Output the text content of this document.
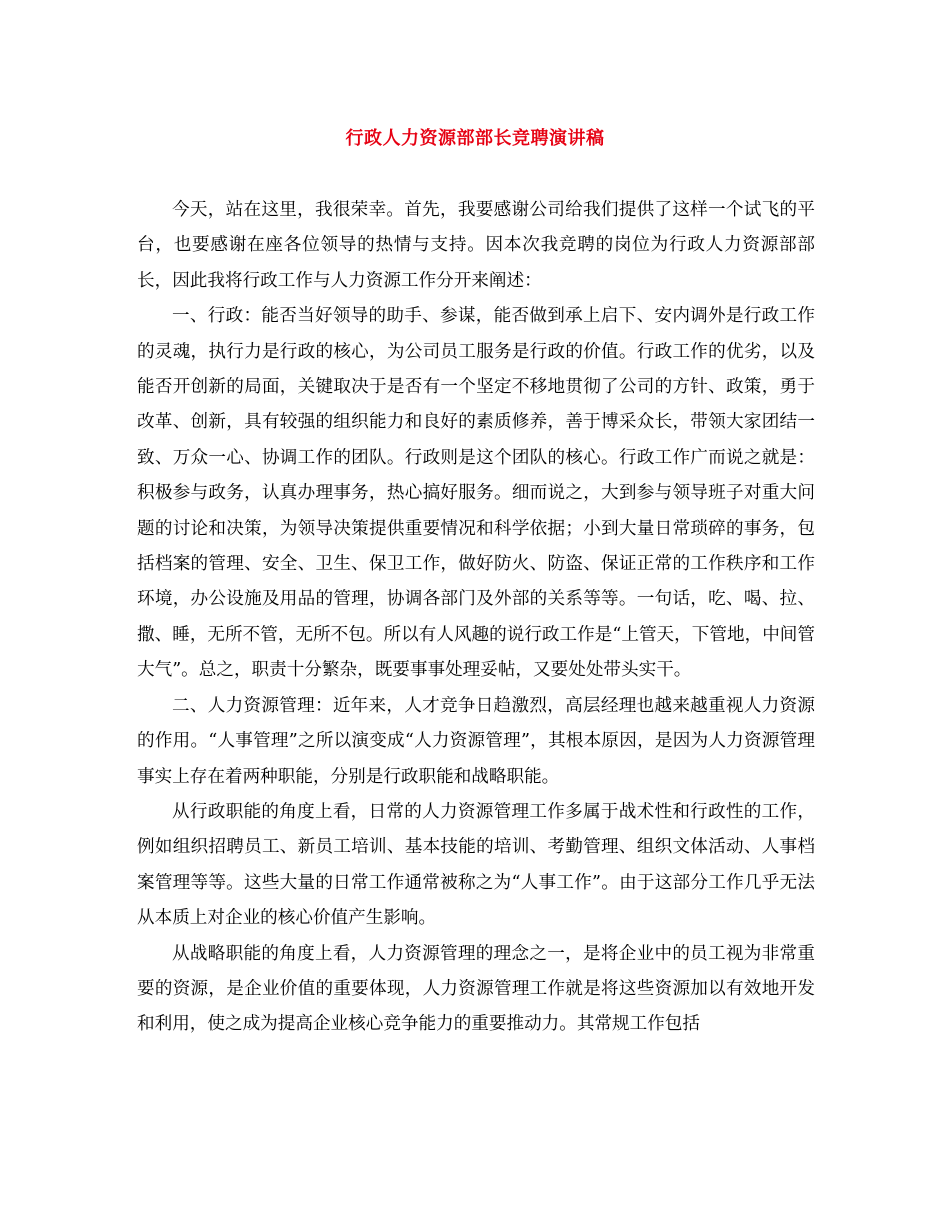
行政人力资源部部长竞聘演讲稿

今天，站在这里，我很荣幸。首先，我要感谢公司给我们提供了这样一个试飞的平台，也要感谢在座各位领导的热情与支持。因本次我竞聘的岗位为行政人力资源部部长，因此我将行政工作与人力资源工作分开来阐述：

一、行政：能否当好领导的助手、参谋，能否做到承上启下、安内调外是行政工作的灵魂，执行力是行政的核心，为公司员工服务是行政的价值。行政工作的优劣，以及能否开创新的局面，关键取决于是否有一个坚定不移地贯彻了公司的方针、政策，勇于改革、创新，具有较强的组织能力和良好的素质修养，善于博采众长，带领大家团结一致、万众一心、协调工作的团队。行政则是这个团队的核心。行政工作广而说之就是：积极参与政务，认真办理事务，热心搞好服务。细而说之，大到参与领导班子对重大问题的讨论和决策，为领导决策提供重要情况和科学依据；小到大量日常琐碎的事务，包括档案的管理、安全、卫生、保卫工作，做好防火、防盗、保证正常的工作秩序和工作环境，办公设施及用品的管理，协调各部门及外部的关系等等。一句话，吃、喝、拉、撒、睡，无所不管，无所不包。所以有人风趣的说行政工作是“上管天，下管地，中间管大气”。总之，职责十分繁杂，既要事事处理妥帖，又要处处带头实干。

二、人力资源管理：近年来，人才竞争日趋激烈，高层经理也越来越重视人力资源的作用。“人事管理”之所以演变成“人力资源管理”，其根本原因，是因为人力资源管理事实上存在着两种职能，分别是行政职能和战略职能。

从行政职能的角度上看，日常的人力资源管理工作多属于战术性和行政性的工作，例如组织招聘员工、新员工培训、基本技能的培训、考勤管理、组织文体活动、人事档案管理等等。这些大量的日常工作通常被称之为“人事工作”。由于这部分工作几乎无法从本质上对企业的核心价值产生影响。

从战略职能的角度上看，人力资源管理的理念之一，是将企业中的员工视为非常重要的资源，是企业价值的重要体现，人力资源管理工作就是将这些资源加以有效地开发和利用，使之成为提高企业核心竞争能力的重要推动力。其常规工作包括
